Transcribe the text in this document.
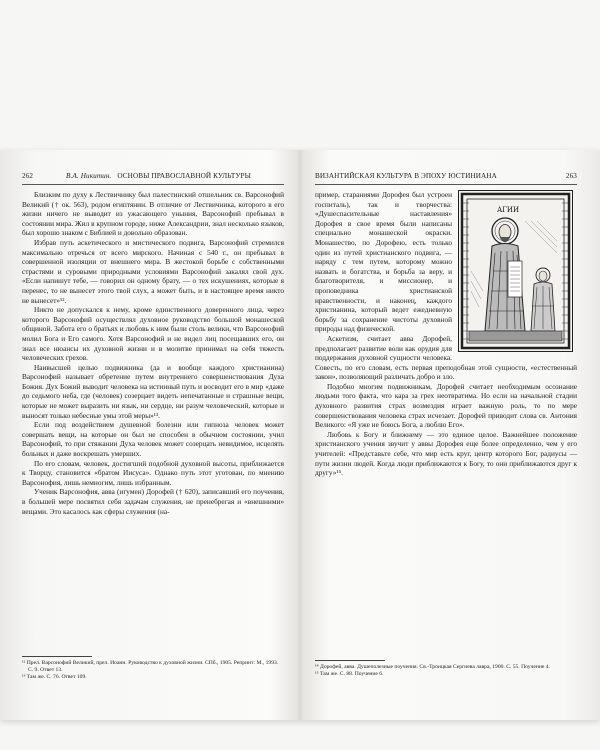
262	В.А. Никитин. ОСНОВЫ ПРАВОСЛАВНОЙ КУЛЬТУРЫ

Близким по духу к Лествичнику был палестинский отшельник св. Варсонофий Великий († ок. 563), родом египтянин. В отличие от Лествичника, которого в его жизни ничего не выводит из ужасающего уныния, Варсонофий пребывал в состоянии мира. Жил в крупном городе, ниже Александрии, знал несколько языков, был хорошо знаком с Библией и довольно образован.

Избрав путь аскетического и мистического подвига, Варсонофий стремился максимально отречься от всего мирского. Начиная с 540 г., он пребывал в совершенной изоляции от внешнего мира. В жестокой борьбе с собственными страстями и суровыми природными условиями Варсонофий закалял свой дух. «Если напишут тебе, — говорил он одному брату, — о тех искушениях, которые я перенес, то не вынесет этого твой слух, а может быть, и в настоящее время никто не вынесет»¹².

Никто не допускался к нему, кроме единственного доверенного лица, через которого Варсонофий осуществлял духовное руководство большой монашеской общиной. Забота его о братьях и любовь к ним были столь велики, что Варсонофий молил Бога и Его самого. Хотя Варсонофий и не видел лиц посещавших его, он знал все нюансы их духовной жизни и в молитве принимал на себя тяжесть человеческих грехов.

Наивысшей целью подвижника (да и вообще каждого христианина) Варсонофий называет обретение путем внутреннего совершенствования Духа Божия. Дух Божий выводит человека на истинный путь и восводит его в мир «даже до седьмого неба, где (человек) созерцает видеть непечатанные и страшные вещи, которые не может выразить ни язык, ни сердце, ни разум человеческий, которые и выносят только небесные умы этой меры»¹³.

Если под воздействием душевной болезни или гипноза человек может совершать вещи, на которые он был не способен в обычном состоянии, учил Варсонофий, то при стяжании Духа человек может созерцать невидимое, исцелять больных и даже воскрешать умерших.

По его словам, человек, достигший подобной духовной высоты, приближается к Творцу, становится «братом Иисуса». Однако путь этот уготован, по мнению Варсонофия, лишь немногим, лишь избранным.

Ученик Варсонофия, авва (игумен) Дорофей († 620), записавший его поучения, в большей мере посвятил себя задачам служения, не пренебрегая и «внешними» вещами. Это касалось как сферы служения (на-

¹² Прел. Варсонофий Великий, прел. Иоанн. Руководство к духовной жизни. СПб., 1905. Репринт: М., 1993. С. 9. Ответ 13.

¹³ Там же. С. 76. Ответ 109.

ВИЗАНТИЙСКАЯ КУЛЬТУРА В ЭПОХУ ЮСТИНИАНА	263
АГИИ

пример, стараниями Дорофея был устроен госпиталь), так и творчества: «Душеспасительные наставления» Дорофея в свое время были написаны специально монашеской окраски. Монашество, по Дорофею, есть только один из путей христианского подвига, — наряду с тем путем, которому можно назвать и богатства, и борьба за веру, и благотворителя, и миссионер, и проповедника христианской нравственности, и наконец, каждого христианина, который ведет ежедневную борьбу за сохранение чистоты духовной природы над физической.

Аскетизм, считает авва Дорофей, предполагает развитие воли как орудия для поддержания духовной сущности человека. Совесть, по его словам, есть первая преподобная этой сущности, «естественный закон», позволяющий различать добро и зло.

Подобно многим подвижникам, Дорофей считает необходимым осознание людьми того факта, что кара за грех неотвратима. Но если на начальной стадии духовного развития страх возмездия играет важную роль, то по мере совершенствования человека страх исчезает. Дорофей приводит слова св. Антония Великого: «Я уже не боюсь Бога, а люблю Его».

Любовь к Богу и ближнему — это единое целое. Важнейшее положение христианского учения звучит у аввы Дорофея еще более определенно, чем у его учителей: «Представьте себе, что мир есть круг, центр которого Бог, радиусы — пути жизни людей. Когда люди приближаются к Богу, то они приближаются друг к другу»¹⁵.

¹⁴ Дорофей, авва. Душеполезные поучения. Св.-Троицкая Сергиева лавра, 1900. С. 55. Поучение 4.

¹⁵ Там же. С. 88. Поучение 6.
